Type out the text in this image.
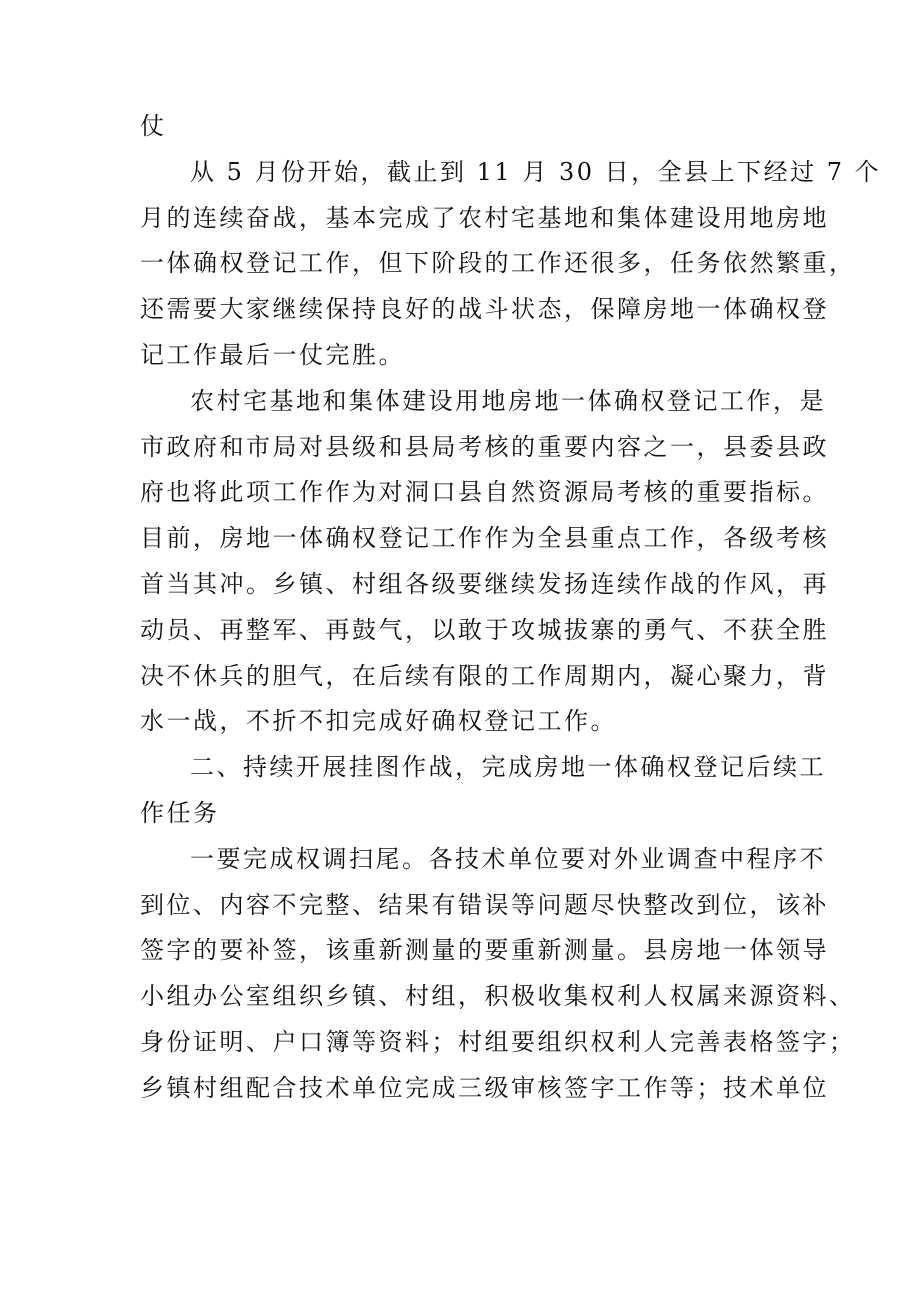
仗
从 5 月份开始，截止到 11 月 30 日，全县上下经过 7 个
月的连续奋战，基本完成了农村宅基地和集体建设用地房地
一体确权登记工作，但下阶段的工作还很多，任务依然繁重，
还需要大家继续保持良好的战斗状态，保障房地一体确权登
记工作最后一仗完胜。
农村宅基地和集体建设用地房地一体确权登记工作，是
市政府和市局对县级和县局考核的重要内容之一，县委县政
府也将此项工作作为对洞口县自然资源局考核的重要指标。
目前，房地一体确权登记工作作为全县重点工作，各级考核
首当其冲。乡镇、村组各级要继续发扬连续作战的作风，再
动员、再整军、再鼓气，以敢于攻城拔寨的勇气、不获全胜
决不休兵的胆气，在后续有限的工作周期内，凝心聚力，背
水一战，不折不扣完成好确权登记工作。
二、持续开展挂图作战，完成房地一体确权登记后续工
作任务
一要完成权调扫尾。各技术单位要对外业调查中程序不
到位、内容不完整、结果有错误等问题尽快整改到位，该补
签字的要补签，该重新测量的要重新测量。县房地一体领导
小组办公室组织乡镇、村组，积极收集权利人权属来源资料、
身份证明、户口簿等资料；村组要组织权利人完善表格签字；
乡镇村组配合技术单位完成三级审核签字工作等；技术单位
